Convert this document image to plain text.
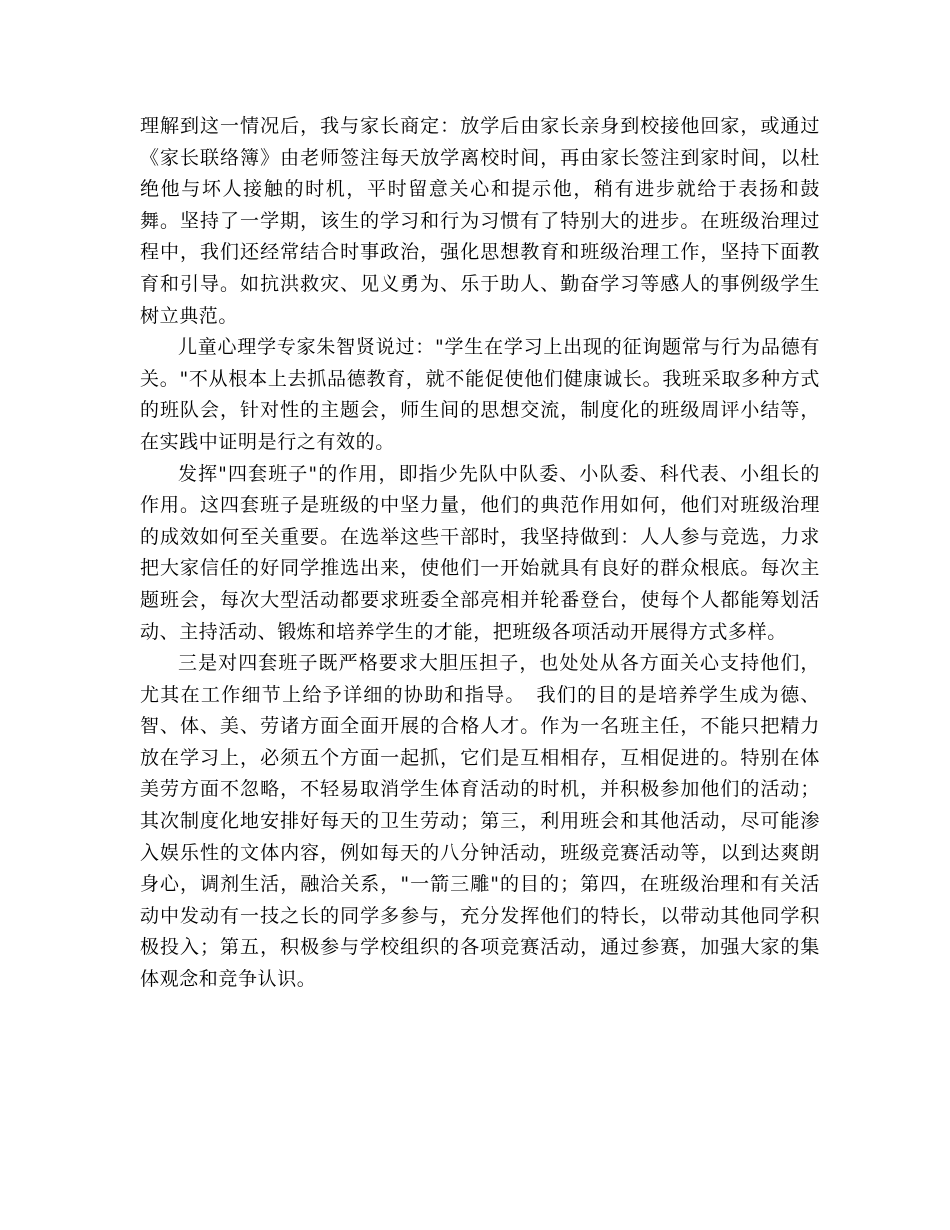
理解到这一情况后，我与家长商定：放学后由家长亲身到校接他回家，或通过《家长联络簿》由老师签注每天放学离校时间，再由家长签注到家时间，以杜绝他与坏人接触的时机，平时留意关心和提示他，稍有进步就给于表扬和鼓舞。坚持了一学期，该生的学习和行为习惯有了特别大的进步。在班级治理过程中，我们还经常结合时事政治，强化思想教育和班级治理工作，坚持下面教育和引导。如抗洪救灾、见义勇为、乐于助人、勤奋学习等感人的事例级学生树立典范。

儿童心理学专家朱智贤说过："学生在学习上出现的征询题常与行为品德有关。"不从根本上去抓品德教育，就不能促使他们健康诚长。我班采取多种方式的班队会，针对性的主题会，师生间的思想交流，制度化的班级周评小结等，在实践中证明是行之有效的。

发挥"四套班子"的作用，即指少先队中队委、小队委、科代表、小组长的作用。这四套班子是班级的中坚力量，他们的典范作用如何，他们对班级治理的成效如何至关重要。在选举这些干部时，我坚持做到：人人参与竞选，力求把大家信任的好同学推选出来，使他们一开始就具有良好的群众根底。每次主题班会，每次大型活动都要求班委全部亮相并轮番登台，使每个人都能筹划活动、主持活动、锻炼和培养学生的才能，把班级各项活动开展得方式多样。

三是对四套班子既严格要求大胆压担子，也处处从各方面关心支持他们，尤其在工作细节上给予详细的协助和指导。　我们的目的是培养学生成为德、智、体、美、劳诸方面全面开展的合格人才。作为一名班主任，不能只把精力放在学习上，必须五个方面一起抓，它们是互相相存，互相促进的。特别在体美劳方面不忽略，不轻易取消学生体育活动的时机，并积极参加他们的活动；其次制度化地安排好每天的卫生劳动；第三，利用班会和其他活动，尽可能渗入娱乐性的文体内容，例如每天的八分钟活动，班级竞赛活动等，以到达爽朗身心，调剂生活，融洽关系，"一箭三雕"的目的；第四，在班级治理和有关活动中发动有一技之长的同学多参与，充分发挥他们的特长，以带动其他同学积极投入；第五，积极参与学校组织的各项竞赛活动，通过参赛，加强大家的集体观念和竞争认识。
